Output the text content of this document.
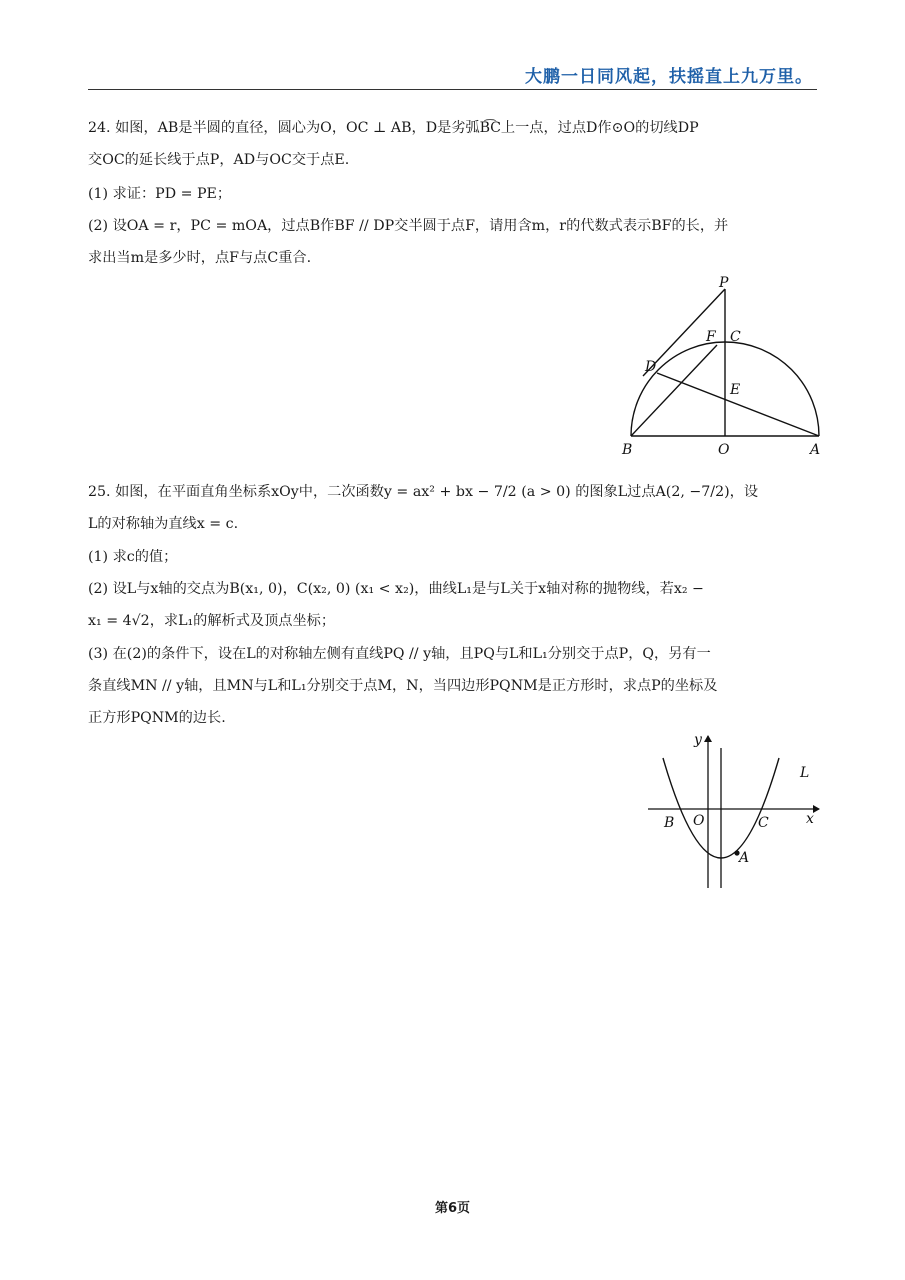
大鹏一日同风起，扶摇直上九万里。
24. 如图，AB是半圆的直径，圆心为O，OC ⊥ AB，D是劣弧B͡C上一点，过点D作⊙O的切线DP
交OC的延长线于点P，AD与OC交于点E.
(1) 求证：PD = PE；
(2) 设OA = r，PC = mOA，过点B作BF // DP交半圆于点F，请用含m，r的代数式表示BF的长，并
求出当m是多少时，点F与点C重合.
P
F C
D
E
B	O	A
25. 如图，在平面直角坐标系xOy中，二次函数y = ax² + bx − 7/2 (a > 0) 的图象L过点A(2, −7/2)，设
L的对称轴为直线x = c.
(1) 求c的值；
(2) 设L与x轴的交点为B(x₁, 0)，C(x₂, 0) (x₁ < x₂)，曲线L₁是与L关于x轴对称的抛物线，若x₂ −
x₁ = 4√2，求L₁的解析式及顶点坐标；
(3) 在(2)的条件下，设在L的对称轴左侧有直线PQ // y轴，且PQ与L和L₁分别交于点P，Q，另有一
条直线MN // y轴，且MN与L和L₁分别交于点M，N，当四边形PQNM是正方形时，求点P的坐标及
正方形PQNM的边长.
y
x
L
B O	C
A
第6页
